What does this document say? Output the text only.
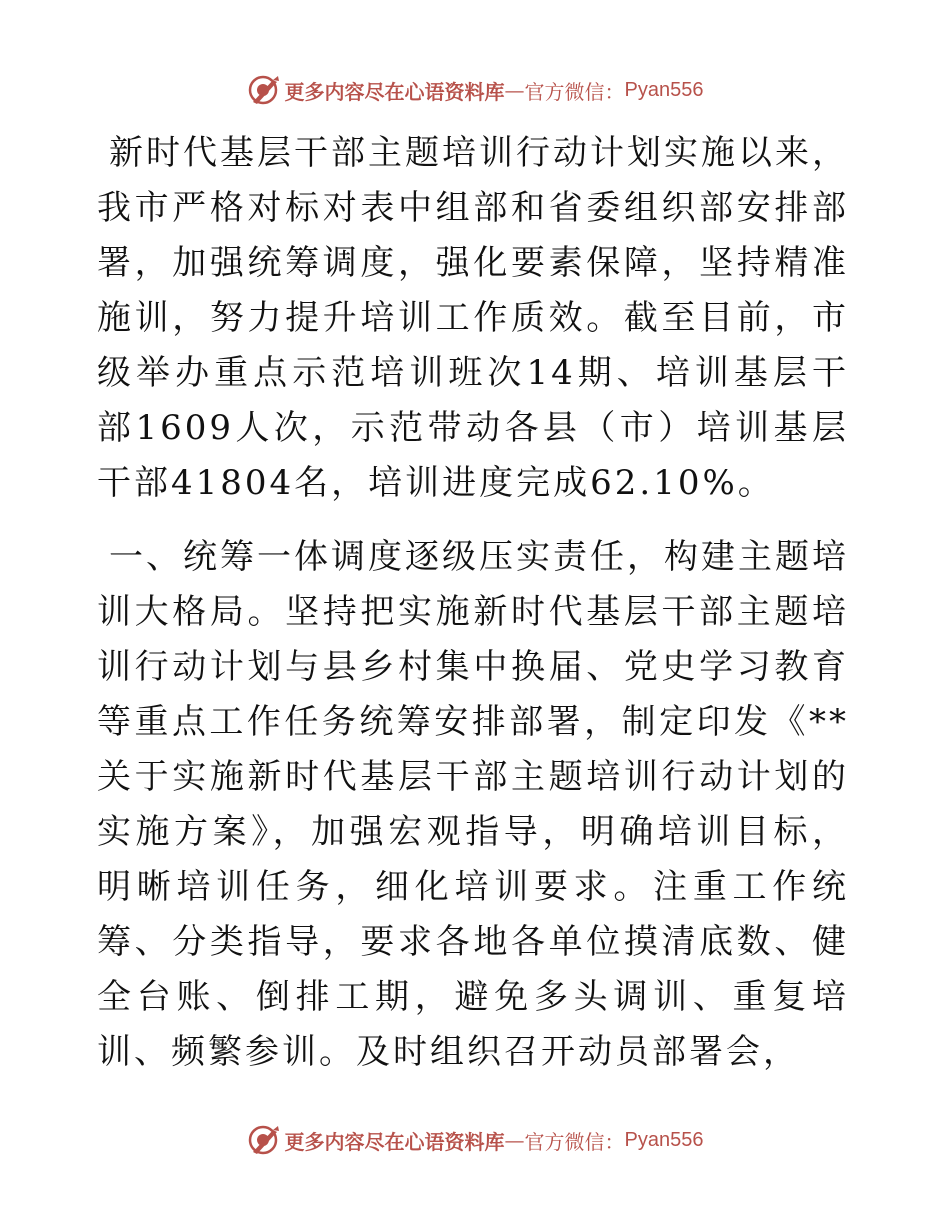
更多内容尽在心语资料库 — 官方微信： Pyan556

新时代基层干部主题培训行动计划实施以来，我市严格对标对表中组部和省委组织部安排部署，加强统筹调度，强化要素保障，坚持精准施训，努力提升培训工作质效。截至目前，市级举办重点示范培训班次14期、培训基层干部1609人次，示范带动各县（市）培训基层干部41804名，培训进度完成62.10%。

一、统筹一体调度逐级压实责任，构建主题培训大格局。坚持把实施新时代基层干部主题培训行动计划与县乡村集中换届、党史学习教育等重点工作任务统筹安排部署，制定印发《**关于实施新时代基层干部主题培训行动计划的实施方案》，加强宏观指导，明确培训目标，明晰培训任务，细化培训要求。注重工作统筹、分类指导，要求各地各单位摸清底数、健全台账、倒排工期，避免多头调训、重复培训、频繁参训。及时组织召开动员部署会，

更多内容尽在心语资料库 — 官方微信： Pyan556
